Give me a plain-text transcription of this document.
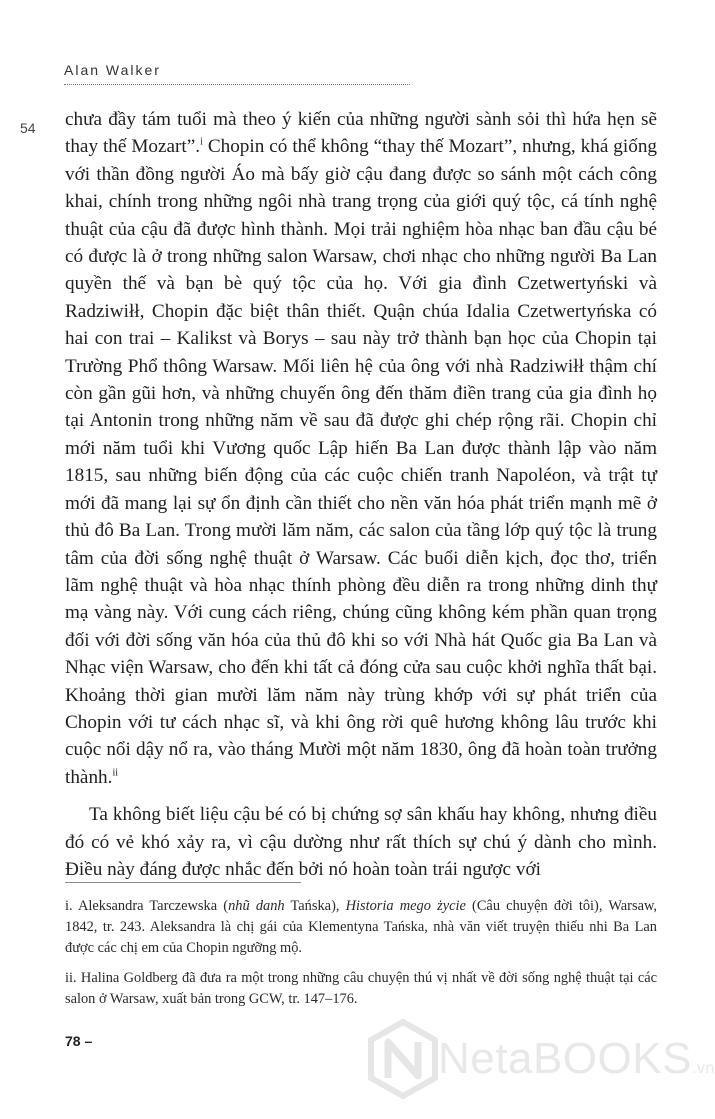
Alan Walker
54 chưa đầy tám tuổi mà theo ý kiến của những người sành sỏi thì hứa hẹn sẽ thay thế Mozart”.$^i$ Chopin có thể không “thay thế Mozart”, nhưng, khá giống với thần đồng người Áo mà bấy giờ cậu đang được so sánh một cách công khai, chính trong những ngôi nhà trang trọng của giới quý tộc, cá tính nghệ thuật của cậu đã được hình thành. Mọi trải nghiệm hòa nhạc ban đầu cậu bé có được là ở trong những salon Warsaw, chơi nhạc cho những người Ba Lan quyền thế và bạn bè quý tộc của họ. Với gia đình Czetwertyński và Radziwiłł, Chopin đặc biệt thân thiết. Quận chúa Idalia Czetwertyńska có hai con trai – Kalikst và Borys – sau này trở thành bạn học của Chopin tại Trường Phổ thông Warsaw. Mối liên hệ của ông với nhà Radziwiłł thậm chí còn gần gũi hơn, và những chuyến ông đến thăm điền trang của gia đình họ tại Antonin trong những năm về sau đã được ghi chép rộng rãi. Chopin chỉ mới năm tuổi khi Vương quốc Lập hiến Ba Lan được thành lập vào năm 1815, sau những biến động của các cuộc chiến tranh Napoléon, và trật tự mới đã mang lại sự ổn định cần thiết cho nền văn hóa phát triển mạnh mẽ ở thủ đô Ba Lan. Trong mười lăm năm, các salon của tầng lớp quý tộc là trung tâm của đời sống nghệ thuật ở Warsaw. Các buổi diễn kịch, đọc thơ, triển lãm nghệ thuật và hòa nhạc thính phòng đều diễn ra trong những dinh thự mạ vàng này. Với cung cách riêng, chúng cũng không kém phần quan trọng đối với đời sống văn hóa của thủ đô khi so với Nhà hát Quốc gia Ba Lan và Nhạc viện Warsaw, cho đến khi tất cả đóng cửa sau cuộc khởi nghĩa thất bại. Khoảng thời gian mười lăm năm này trùng khớp với sự phát triển của Chopin với tư cách nhạc sĩ, và khi ông rời quê hương không lâu trước khi cuộc nổi dậy nổ ra, vào tháng Mười một năm 1830, ông đã hoàn toàn trưởng thành.$^{ii}$

Ta không biết liệu cậu bé có bị chứng sợ sân khấu hay không, nhưng điều đó có vẻ khó xảy ra, vì cậu dường như rất thích sự chú ý dành cho mình. Điều này đáng được nhắc đến bởi nó hoàn toàn trái ngược với

i. Aleksandra Tarczewska (nhũ danh Tańska), Historia mego życie (Câu chuyện đời tôi), Warsaw, 1842, tr. 243. Aleksandra là chị gái của Klementyna Tańska, nhà văn viết truyện thiếu nhi Ba Lan được các chị em của Chopin ngưỡng mộ.

ii. Halina Goldberg đã đưa ra một trong những câu chuyện thú vị nhất về đời sống nghệ thuật tại các salon ở Warsaw, xuất bản trong GCW, tr. 147–176.

78 –	NetaBOOKS.vn
